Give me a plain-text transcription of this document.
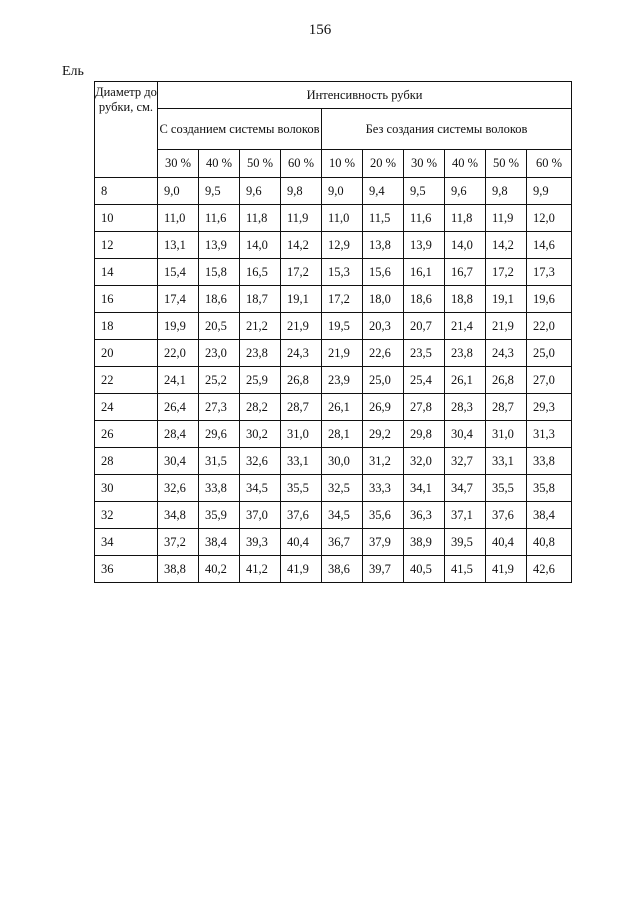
156
Ель
Диаметр до рубки, см.	Интенсивность рубки									
	С созданием системы волоков				Без создания системы волоков					
	30 %	40 %	50 %	60 %	10 %	20 %	30 %	40 %	50 %	60 %
8	9,0	9,5	9,6	9,8	9,0	9,4	9,5	9,6	9,8	9,9
10	11,0	11,6	11,8	11,9	11,0	11,5	11,6	11,8	11,9	12,0
12	13,1	13,9	14,0	14,2	12,9	13,8	13,9	14,0	14,2	14,6
14	15,4	15,8	16,5	17,2	15,3	15,6	16,1	16,7	17,2	17,3
16	17,4	18,6	18,7	19,1	17,2	18,0	18,6	18,8	19,1	19,6
18	19,9	20,5	21,2	21,9	19,5	20,3	20,7	21,4	21,9	22,0
20	22,0	23,0	23,8	24,3	21,9	22,6	23,5	23,8	24,3	25,0
22	24,1	25,2	25,9	26,8	23,9	25,0	25,4	26,1	26,8	27,0
24	26,4	27,3	28,2	28,7	26,1	26,9	27,8	28,3	28,7	29,3
26	28,4	29,6	30,2	31,0	28,1	29,2	29,8	30,4	31,0	31,3
28	30,4	31,5	32,6	33,1	30,0	31,2	32,0	32,7	33,1	33,8
30	32,6	33,8	34,5	35,5	32,5	33,3	34,1	34,7	35,5	35,8
32	34,8	35,9	37,0	37,6	34,5	35,6	36,3	37,1	37,6	38,4
34	37,2	38,4	39,3	40,4	36,7	37,9	38,9	39,5	40,4	40,8
36	38,8	40,2	41,2	41,9	38,6	39,7	40,5	41,5	41,9	42,6
